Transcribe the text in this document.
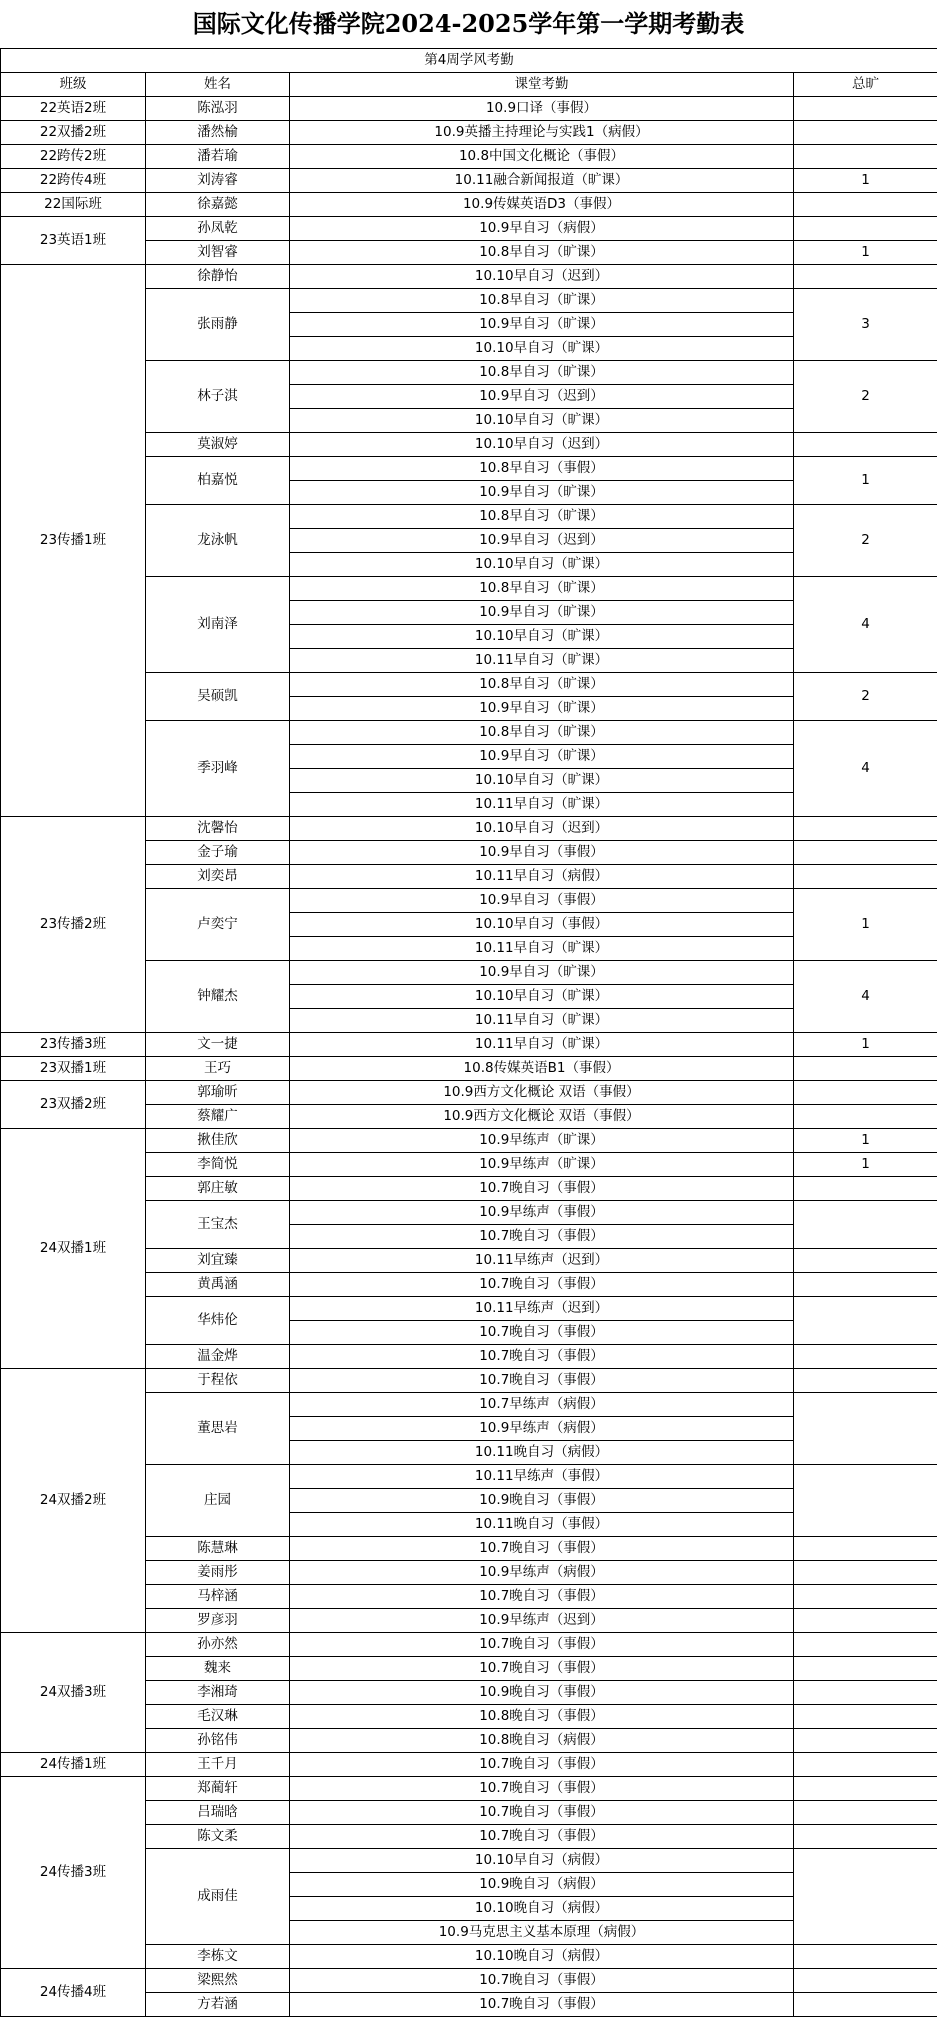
国际文化传播学院2024-2025学年第一学期考勤表
第4周学风考勤			
班级	姓名	课堂考勤	总旷
22英语2班	陈泓羽	10.9口译（事假）	
22双播2班	潘然榆	10.9英播主持理论与实践1（病假）	
22跨传2班	潘若瑜	10.8中国文化概论（事假）	
22跨传4班	刘涛睿	10.11融合新闻报道（旷课）	1
22国际班	徐嘉懿	10.9传媒英语D3（事假）	
23英语1班	孙凤乾	10.9早自习（病假）	
	刘智睿	10.8早自习（旷课）	1
23传播1班	徐静怡	10.10早自习（迟到）	
	张雨静	10.8早自习（旷课）	3
		10.9早自习（旷课）	
		10.10早自习（旷课）	
	林子淇	10.8早自习（旷课）	2
		10.9早自习（迟到）	
		10.10早自习（旷课）	
	莫淑婷	10.10早自习（迟到）	
	柏嘉悦	10.8早自习（事假）	1
		10.9早自习（旷课）	
	龙泳帆	10.8早自习（旷课）	2
		10.9早自习（迟到）	
		10.10早自习（旷课）	
	刘南泽	10.8早自习（旷课）	4
		10.9早自习（旷课）	
		10.10早自习（旷课）	
		10.11早自习（旷课）	
	吴硕凯	10.8早自习（旷课）	2
		10.9早自习（旷课）	
	季羽峰	10.8早自习（旷课）	4
		10.9早自习（旷课）	
		10.10早自习（旷课）	
		10.11早自习（旷课）	
23传播2班	沈馨怡	10.10早自习（迟到）	
	金子瑜	10.9早自习（事假）	
	刘奕昂	10.11早自习（病假）	
	卢奕宁	10.9早自习（事假）	1
		10.10早自习（事假）	
		10.11早自习（旷课）	
	钟耀杰	10.9早自习（旷课）	4
		10.10早自习（旷课）	
		10.11早自习（旷课）	
23传播3班	文一捷	10.11早自习（旷课）	1
23双播1班	王巧	10.8传媒英语B1（事假）	
23双播2班	郭瑜昕	10.9西方文化概论 双语（事假）	
	蔡耀广	10.9西方文化概论 双语（事假）	
24双播1班	揪佳欣	10.9早练声（旷课）	1
	李简悦	10.9早练声（旷课）	1
	郭庄敏	10.7晚自习（事假）	
	王宝杰	10.9早练声（事假）	
		10.7晚自习（事假）	
	刘宜臻	10.11早练声（迟到）	
	黄禹涵	10.7晚自习（事假）	
	华炜伦	10.11早练声（迟到）	
		10.7晚自习（事假）	
	温金烨	10.7晚自习（事假）	
24双播2班	于程依	10.7晚自习（事假）	
	董思岩	10.7早练声（病假）	
		10.9早练声（病假）	
		10.11晚自习（病假）	
	庄园	10.11早练声（事假）	
		10.9晚自习（事假）	
		10.11晚自习（事假）	
	陈慧琳	10.7晚自习（事假）	
	姜雨彤	10.9早练声（病假）	
	马梓涵	10.7晚自习（事假）	
	罗彦羽	10.9早练声（迟到）	
24双播3班	孙亦然	10.7晚自习（事假）	
	魏来	10.7晚自习（事假）	
	李湘琦	10.9晚自习（事假）	
	毛汉琳	10.8晚自习（事假）	
	孙铭伟	10.8晚自习（病假）	
24传播1班	王千月	10.7晚自习（事假）	
24传播3班	郑蔺轩	10.7晚自习（事假）	
	吕瑞晗	10.7晚自习（事假）	
	陈文柔	10.7晚自习（事假）	
	成雨佳	10.10早自习（病假）	
		10.9晚自习（病假）	
		10.10晚自习（病假）	
		10.9马克思主义基本原理（病假）	
	李栋文	10.10晚自习（病假）	
24传播4班	梁熙然	10.7晚自习（事假）	
	方若涵	10.7晚自习（事假）	
